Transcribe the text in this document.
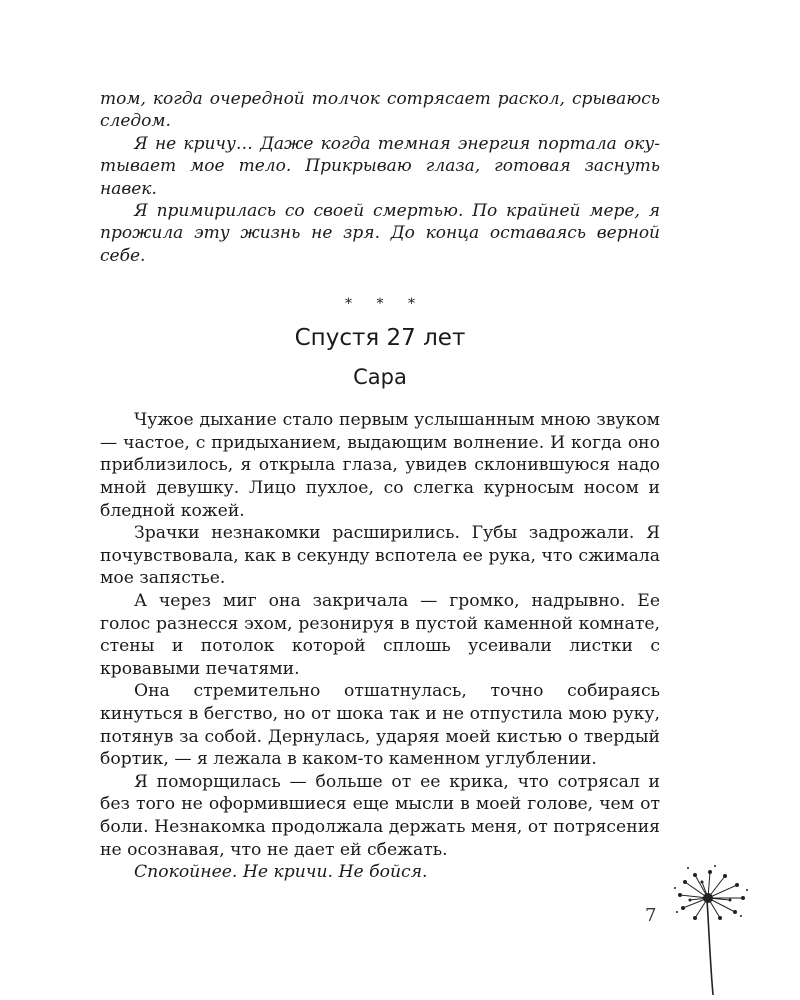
том, когда очередной толчок сотрясает раскол, срываюсь следом.

Я не кричу… Даже когда темная энергия портала окутывает мое тело. Прикрываю глаза, готовая заснуть навек.

Я примирилась со своей смертью. По крайней мере, я прожила эту жизнь не зря. До конца оставаясь верной себе.

* * *
Спустя 27 лет
Сара

Чужое дыхание стало первым услышанным мною звуком — частое, с придыханием, выдающим волнение. И когда оно приблизилось, я открыла глаза, увидев склонившуюся надо мной девушку. Лицо пухлое, со слегка курносым носом и бледной кожей.

Зрачки незнакомки расширились. Губы задрожали. Я почувствовала, как в секунду вспотела ее рука, что сжимала мое запястье.

А через миг она закричала — громко, надрывно. Ее голос разнесся эхом, резонируя в пустой каменной комнате, стены и потолок которой сплошь усеивали листки с кровавыми печатями.

Она стремительно отшатнулась, точно собираясь кинуться в бегство, но от шока так и не отпустила мою руку, потянув за собой. Дернулась, ударяя моей кистью о твердый бортик, — я лежала в каком-то каменном углублении.

Я поморщилась — больше от ее крика, что сотрясал и без того не оформившиеся еще мысли в моей голове, чем от боли. Незнакомка продолжала держать меня, от потрясения не осознавая, что не дает ей сбежать.

Спокойнее. Не кричи. Не бойся.

7
